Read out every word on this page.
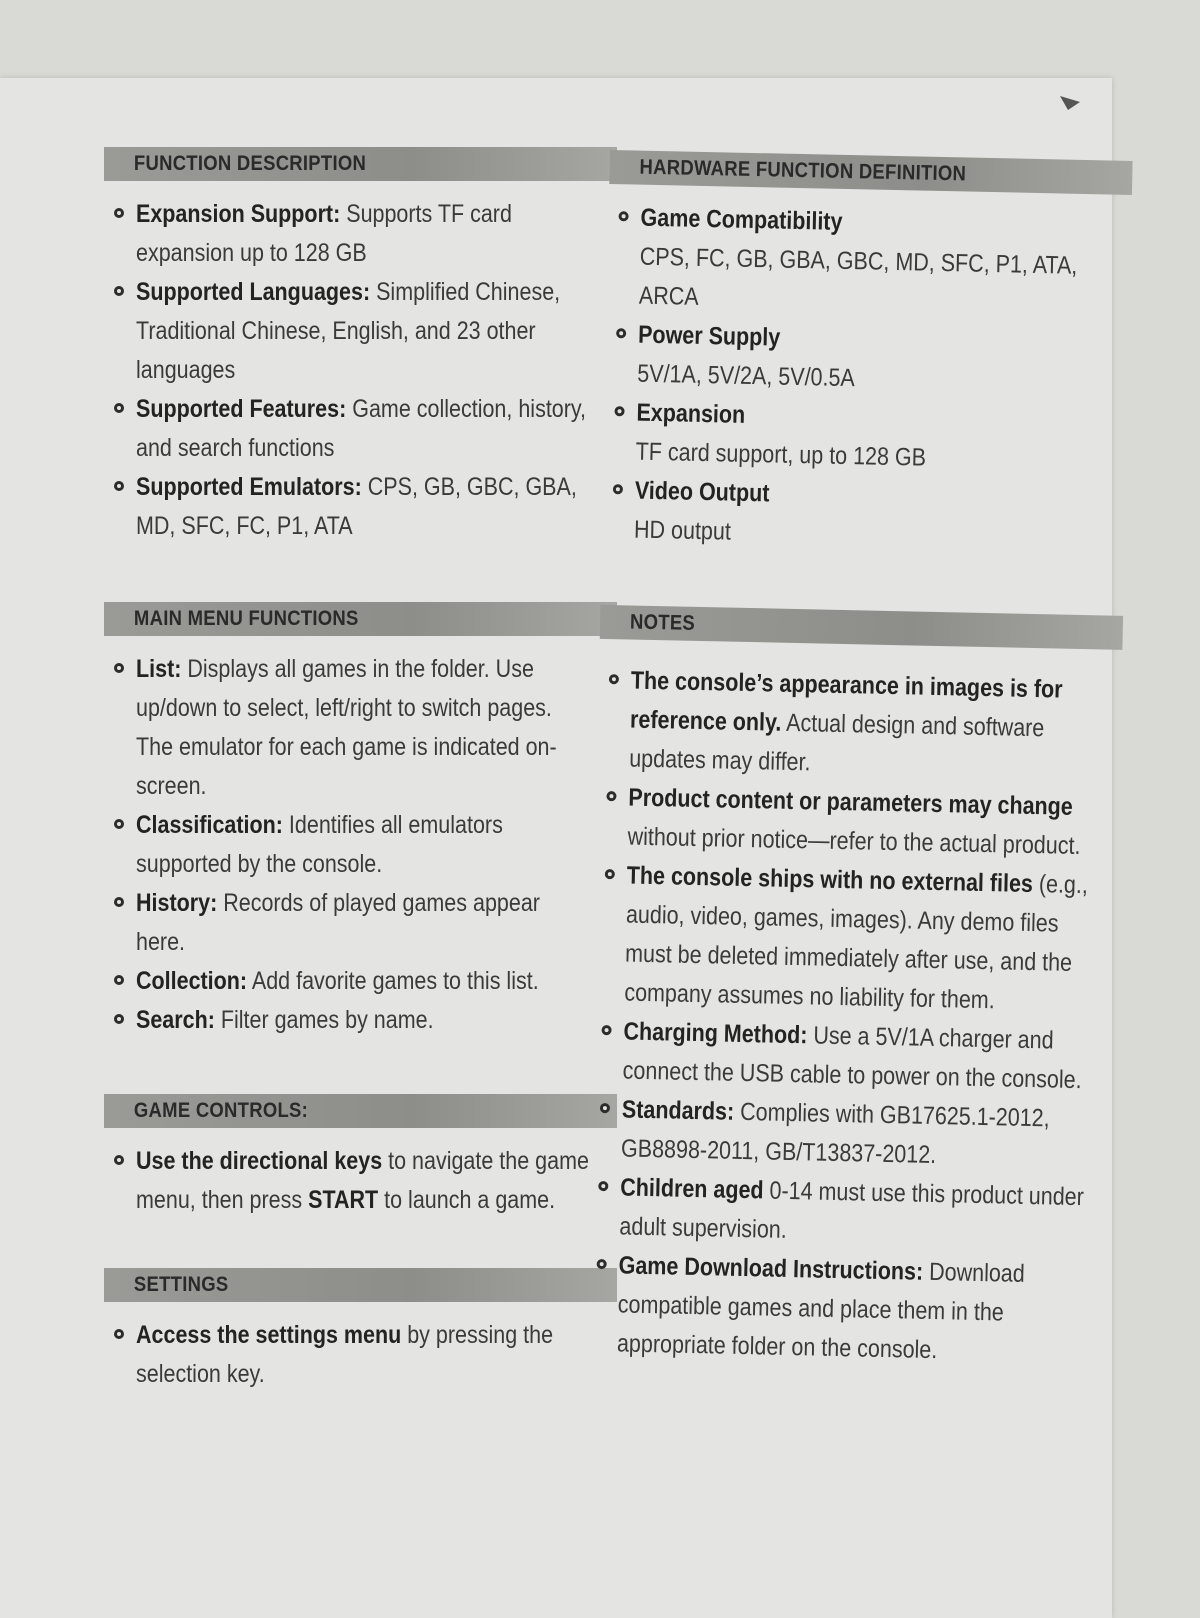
FUNCTION DESCRIPTION
Expansion Support: Supports TF card expansion up to 128 GB
Supported Languages: Simplified Chinese, Traditional Chinese, English, and 23 other languages
Supported Features: Game collection, history, and search functions
Supported Emulators: CPS, GB, GBC, GBA, MD, SFC, FC, P1, ATA
MAIN MENU FUNCTIONS
List: Displays all games in the folder. Use up/down to select, left/right to switch pages. The emulator for each game is indicated on-screen.
Classification: Identifies all emulators supported by the console.
History: Records of played games appear here.
Collection: Add favorite games to this list.
Search: Filter games by name.
GAME CONTROLS:
Use the directional keys to navigate the game menu, then press START to launch a game.
SETTINGS
Access the settings menu by pressing the selection key.
HARDWARE FUNCTION DEFINITION
Game Compatibility
CPS, FC, GB, GBA, GBC, MD, SFC, P1, ATA, ARCA
Power Supply
5V/1A, 5V/2A, 5V/0.5A
Expansion
TF card support, up to 128 GB
Video Output
HD output
NOTES
The console’s appearance in images is for reference only. Actual design and software updates may differ.
Product content or parameters may change without prior notice—refer to the actual product.
The console ships with no external files (e.g., audio, video, games, images). Any demo files must be deleted immediately after use, and the company assumes no liability for them.
Charging Method: Use a 5V/1A charger and connect the USB cable to power on the console.
Standards: Complies with GB17625.1-2012, GB8898-2011, GB/T13837-2012.
Children aged 0-14 must use this product under adult supervision.
Game Download Instructions: Download compatible games and place them in the appropriate folder on the console.
